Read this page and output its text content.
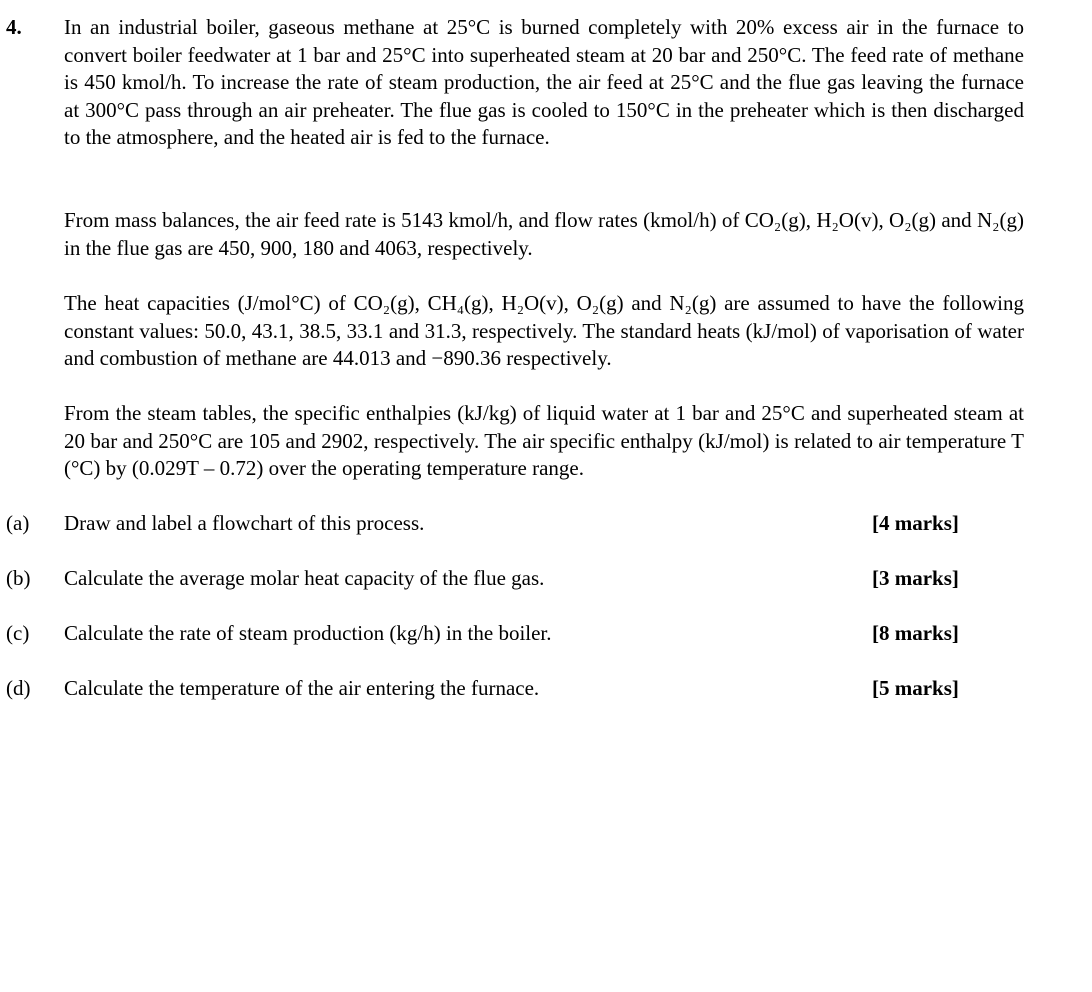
4. In an industrial boiler, gaseous methane at 25°C is burned completely with 20% excess air in the furnace to convert boiler feedwater at 1 bar and 25°C into superheated steam at 20 bar and 250°C. The feed rate of methane is 450 kmol/h. To increase the rate of steam production, the air feed at 25°C and the flue gas leaving the furnace at 300°C pass through an air preheater. The flue gas is cooled to 150°C in the preheater which is then discharged to the atmosphere, and the heated air is fed to the furnace.

From mass balances, the air feed rate is 5143 kmol/h, and flow rates (kmol/h) of CO₂(g), H₂O(v), O₂(g) and N₂(g) in the flue gas are 450, 900, 180 and 4063, respectively.

The heat capacities (J/mol°C) of CO₂(g), CH₄(g), H₂O(v), O₂(g) and N₂(g) are assumed to have the following constant values: 50.0, 43.1, 38.5, 33.1 and 31.3, respectively. The standard heats (kJ/mol) of vaporisation of water and combustion of methane are 44.013 and −890.36 respectively.

From the steam tables, the specific enthalpies (kJ/kg) of liquid water at 1 bar and 25°C and superheated steam at 20 bar and 250°C are 105 and 2902, respectively. The air specific enthalpy (kJ/mol) is related to air temperature T (°C) by (0.029T – 0.72) over the operating temperature range.

(a) Draw and label a flowchart of this process.	[4 marks]
(b) Calculate the average molar heat capacity of the flue gas.	[3 marks]
(c) Calculate the rate of steam production (kg/h) in the boiler.	[8 marks]
(d) Calculate the temperature of the air entering the furnace.	[5 marks]
